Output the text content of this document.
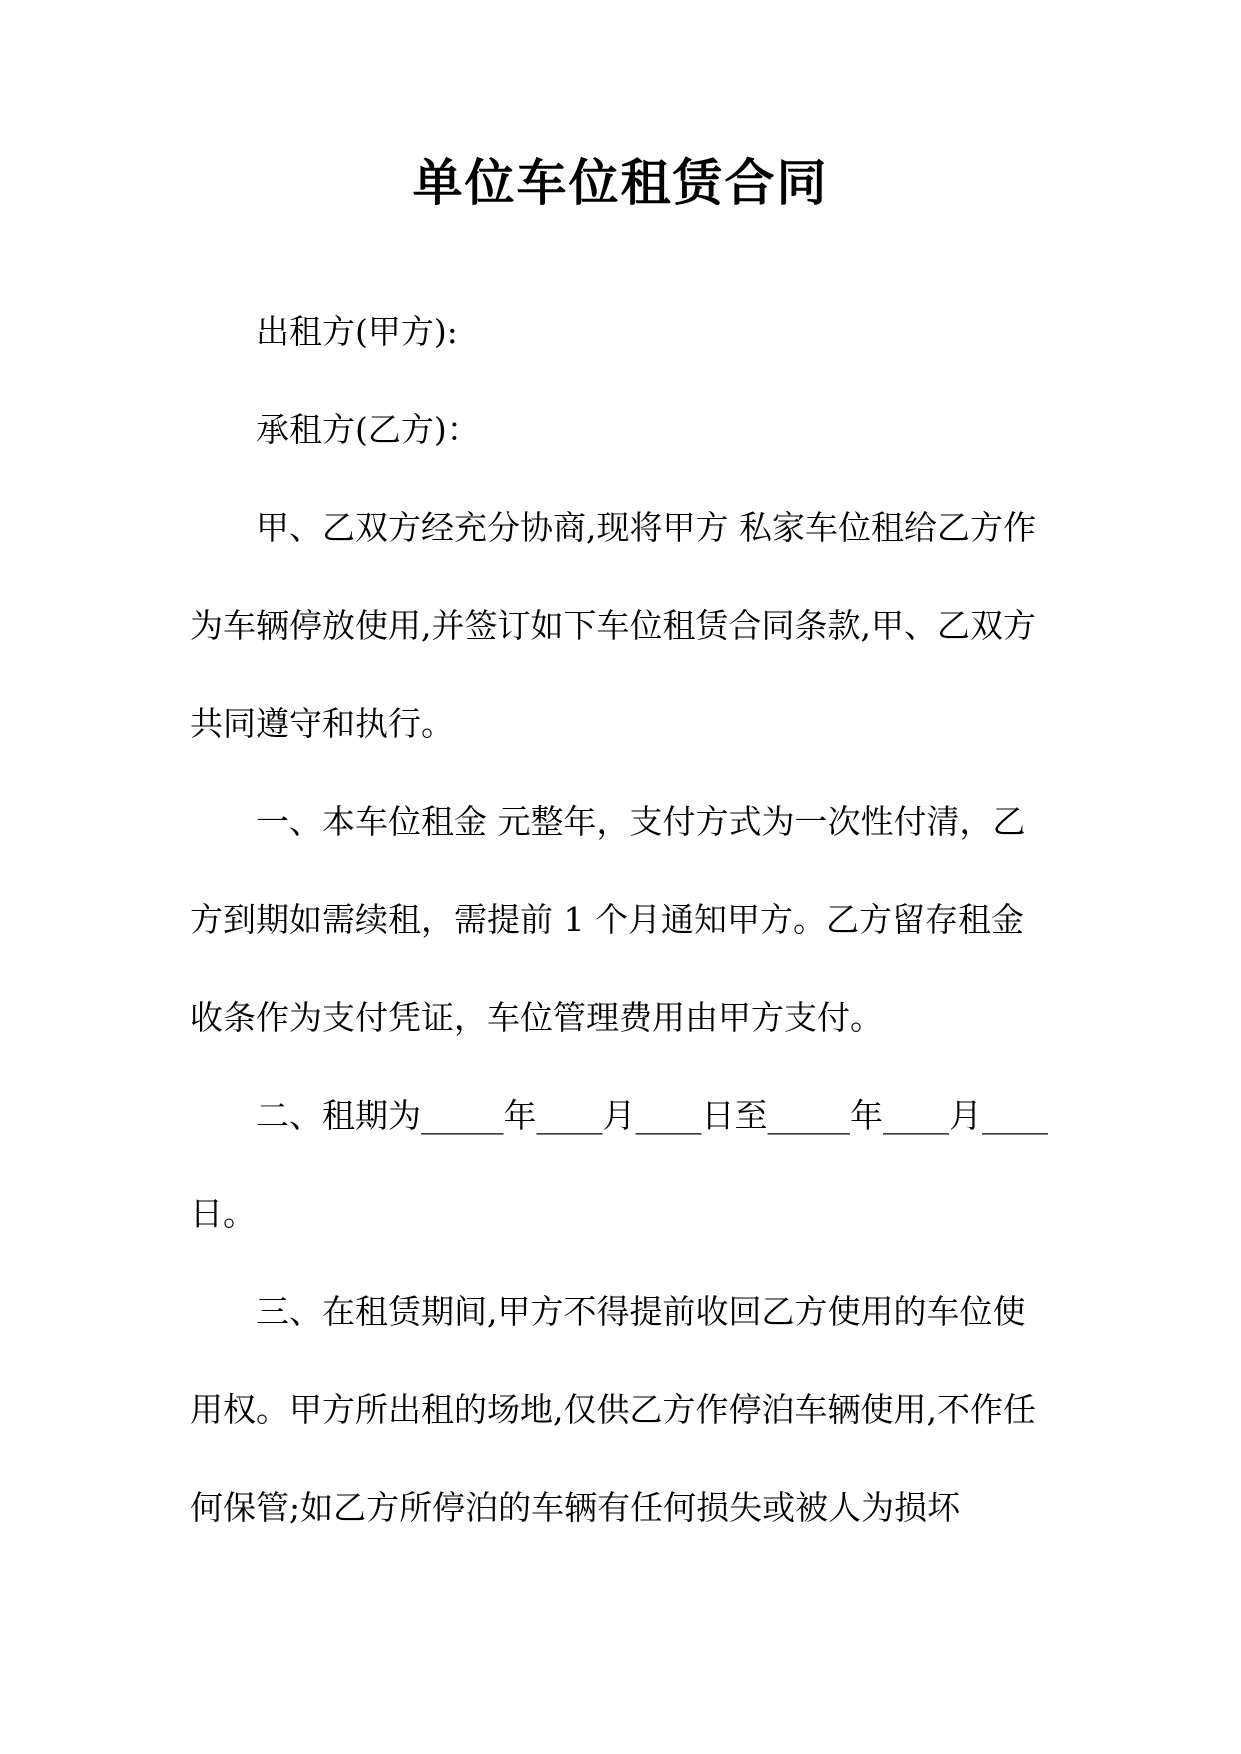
单位车位租赁合同
出租方(甲方):
承租方(乙方)：
甲、乙双方经充分协商,现将甲方 私家车位租给乙方作为车辆停放使用,并签订如下车位租赁合同条款,甲、乙双方共同遵守和执行。
一、本车位租金 元整年，支付方式为一次性付清，乙方到期如需续租，需提前 1 个月通知甲方。乙方留存租金收条作为支付凭证，车位管理费用由甲方支付。
二、租期为_____年____月____日至_____年____月____日。
三、在租赁期间,甲方不得提前收回乙方使用的车位使用权。甲方所出租的场地,仅供乙方作停泊车辆使用,不作任何保管;如乙方所停泊的车辆有任何损失或被人为损坏
